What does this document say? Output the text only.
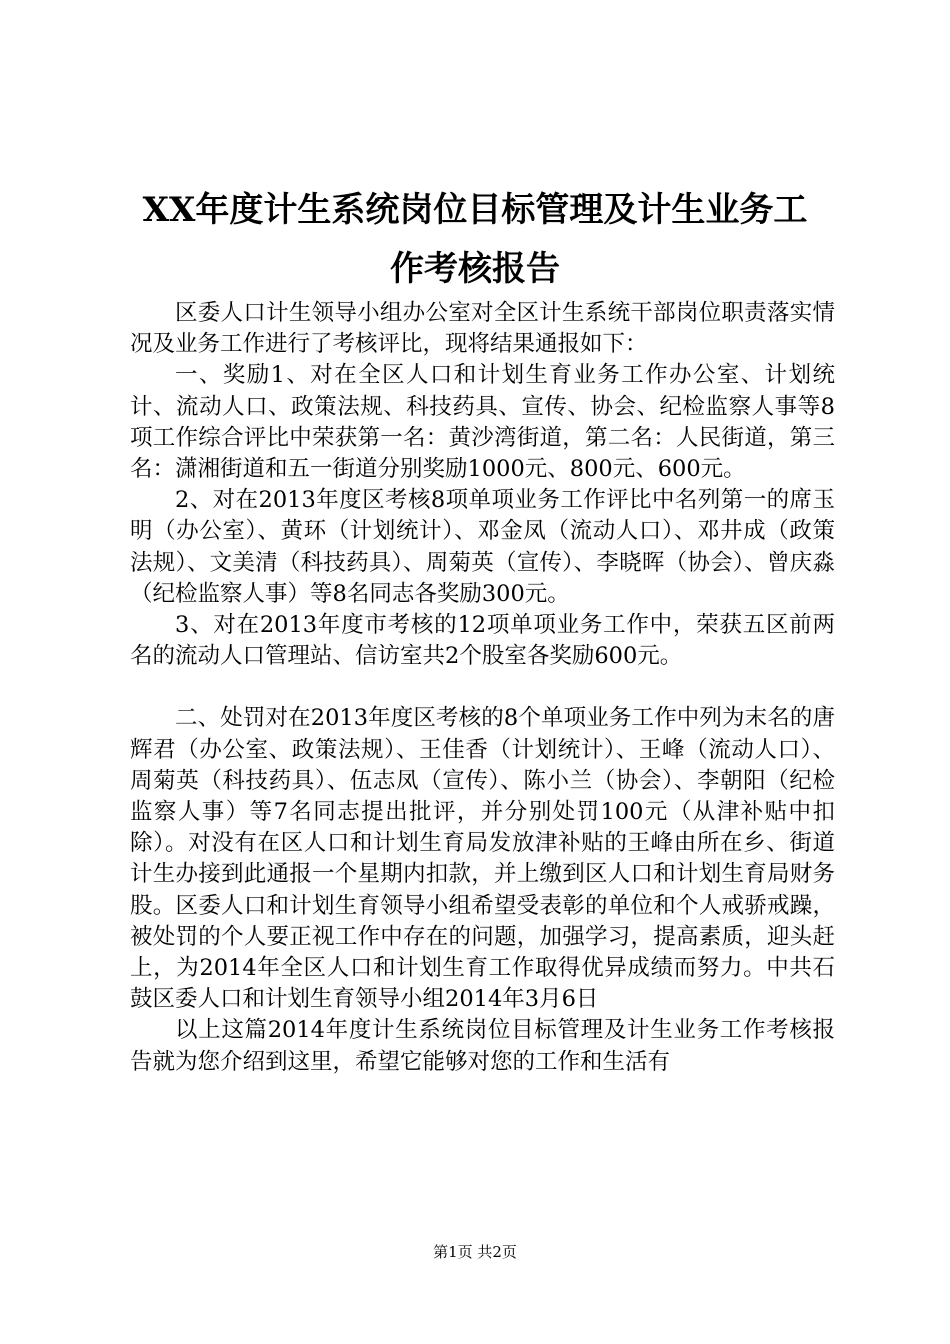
XX年度计生系统岗位目标管理及计生业务工
作考核报告

区委人口计生领导小组办公室对全区计生系统干部岗位职责落实情况及业务工作进行了考核评比，现将结果通报如下：

一、奖励1、对在全区人口和计划生育业务工作办公室、计划统计、流动人口、政策法规、科技药具、宣传、协会、纪检监察人事等8项工作综合评比中荣获第一名：黄沙湾街道，第二名：人民街道，第三名：潇湘街道和五一街道分别奖励1000元、800元、600元。

2、对在2013年度区考核8项单项业务工作评比中名列第一的席玉明（办公室）、黄环（计划统计）、邓金凤（流动人口）、邓井成（政策法规）、文美清（科技药具）、周菊英（宣传）、李晓晖（协会）、曾庆淼（纪检监察人事）等8名同志各奖励300元。

3、对在2013年度市考核的12项单项业务工作中，荣获五区前两名的流动人口管理站、信访室共2个股室各奖励600元。

二、处罚对在2013年度区考核的8个单项业务工作中列为末名的唐辉君（办公室、政策法规）、王佳香（计划统计）、王峰（流动人口）、周菊英（科技药具）、伍志凤（宣传）、陈小兰（协会）、李朝阳（纪检监察人事）等7名同志提出批评，并分别处罚100元（从津补贴中扣除）。对没有在区人口和计划生育局发放津补贴的王峰由所在乡、街道计生办接到此通报一个星期内扣款，并上缴到区人口和计划生育局财务股。区委人口和计划生育领导小组希望受表彰的单位和个人戒骄戒躁，被处罚的个人要正视工作中存在的问题，加强学习，提高素质，迎头赶上，为2014年全区人口和计划生育工作取得优异成绩而努力。中共石鼓区委人口和计划生育领导小组2014年3月6日

以上这篇2014年度计生系统岗位目标管理及计生业务工作考核报告就为您介绍到这里，希望它能够对您的工作和生活有

第1页 共2页
